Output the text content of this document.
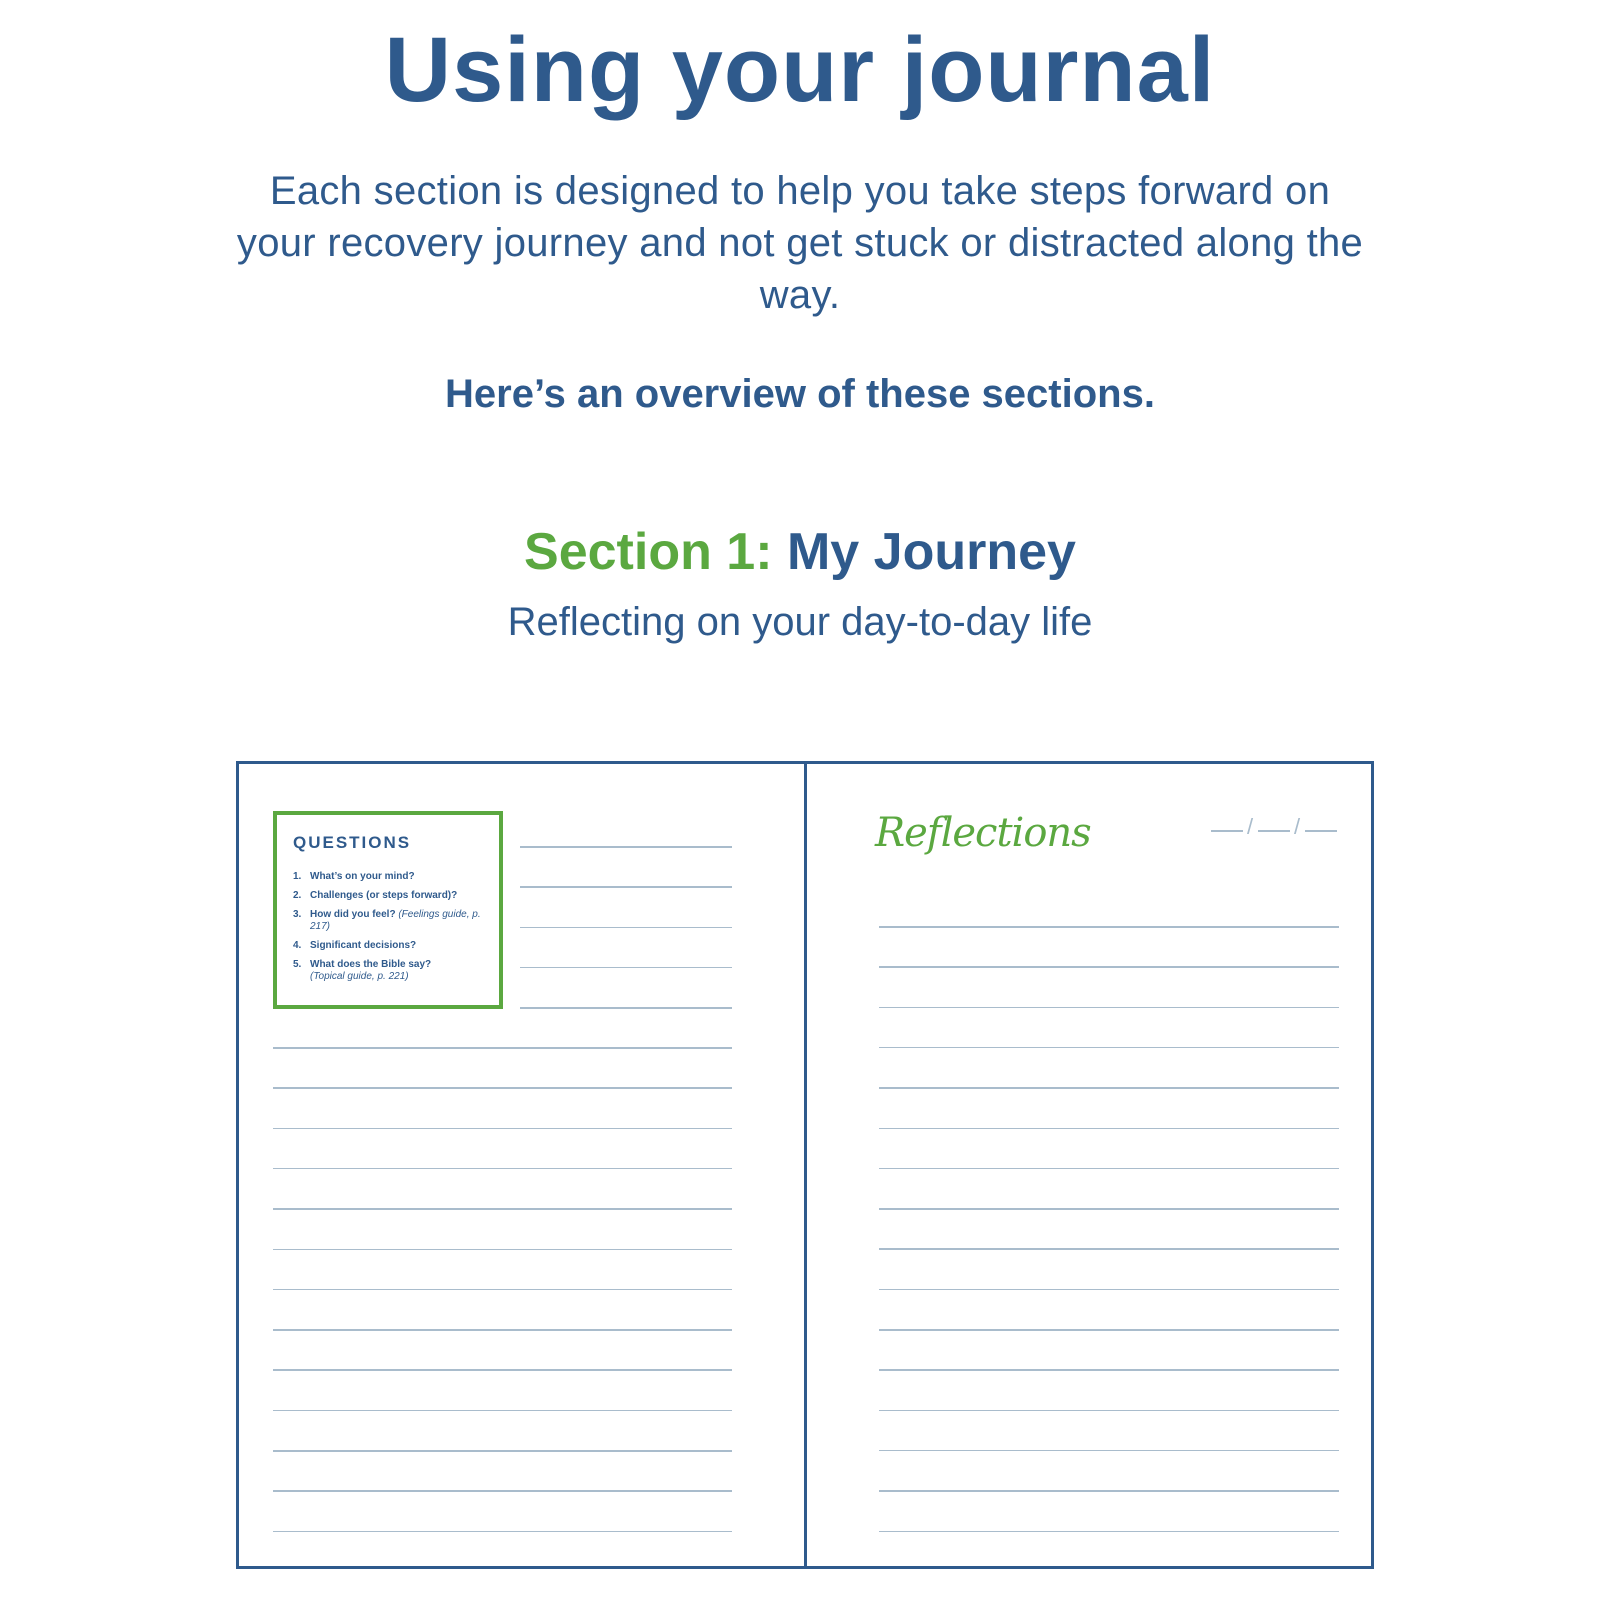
Using your journal

Each section is designed to help you take steps forward on your recovery journey and not get stuck or distracted along the way.

Here’s an overview of these sections.

Section 1: My Journey

Reflecting on your day-to-day life

QUESTIONS

1. What’s on your mind?
2. Challenges (or steps forward)?
3. How did you feel? (Feelings guide, p. 217)
4. Significant decisions?
5. What does the Bible say?
(Topical guide, p. 221)

Reflections	/ /
